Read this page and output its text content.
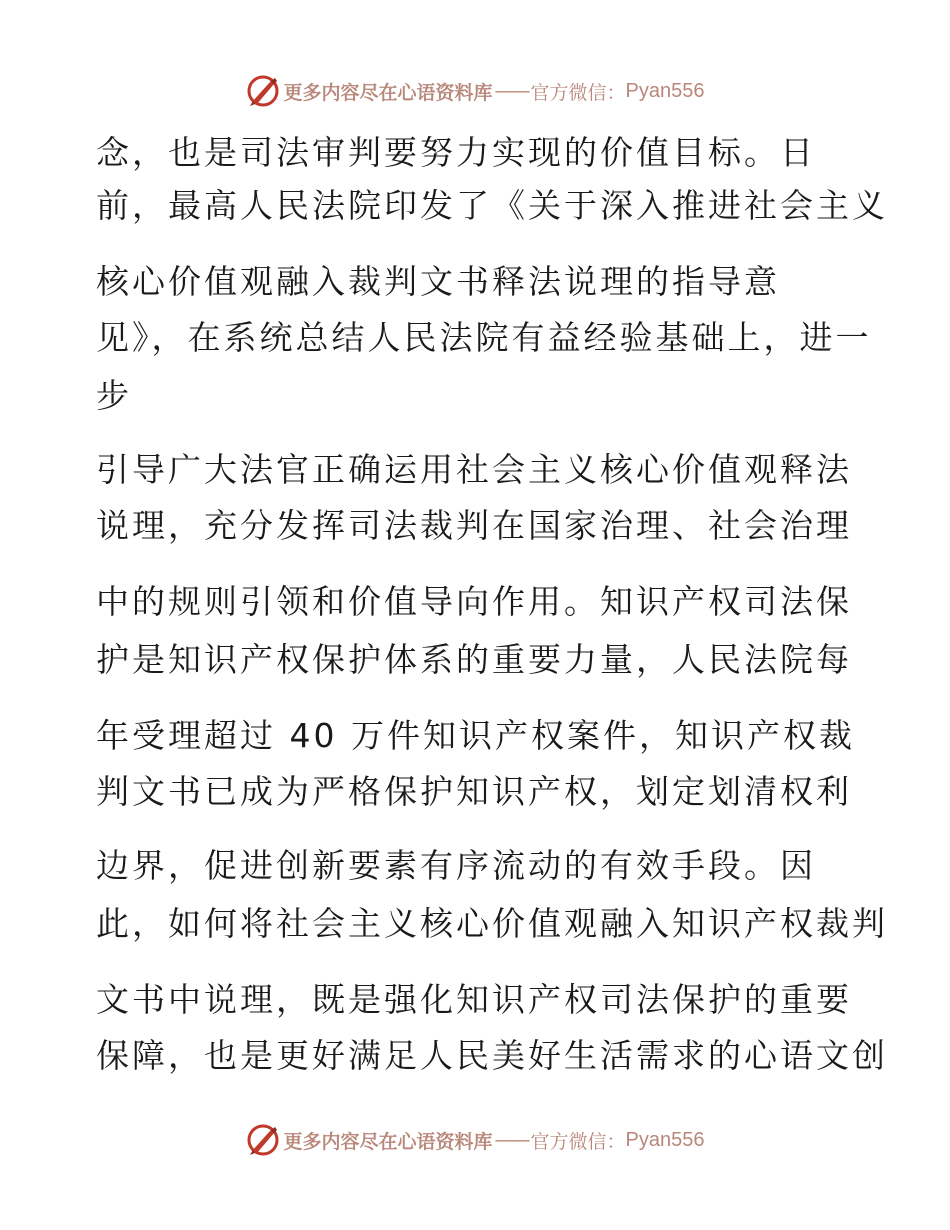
更多内容尽在心语资料库 —— 官方微信： Pyan556

念，也是司法审判要努力实现的价值目标。日

前，最高人民法院印发了《关于深入推进社会主义

核心价值观融入裁判文书释法说理的指导意

见》，在系统总结人民法院有益经验基础上，进一

步

引导广大法官正确运用社会主义核心价值观释法

说理，充分发挥司法裁判在国家治理、社会治理

中的规则引领和价值导向作用。知识产权司法保

护是知识产权保护体系的重要力量，人民法院每

年受理超过 40 万件知识产权案件，知识产权裁

判文书已成为严格保护知识产权，划定划清权利

边界，促进创新要素有序流动的有效手段。因

此，如何将社会主义核心价值观融入知识产权裁判

文书中说理，既是强化知识产权司法保护的重要

保障，也是更好满足人民美好生活需求的心语文创

更多内容尽在心语资料库 —— 官方微信： Pyan556
